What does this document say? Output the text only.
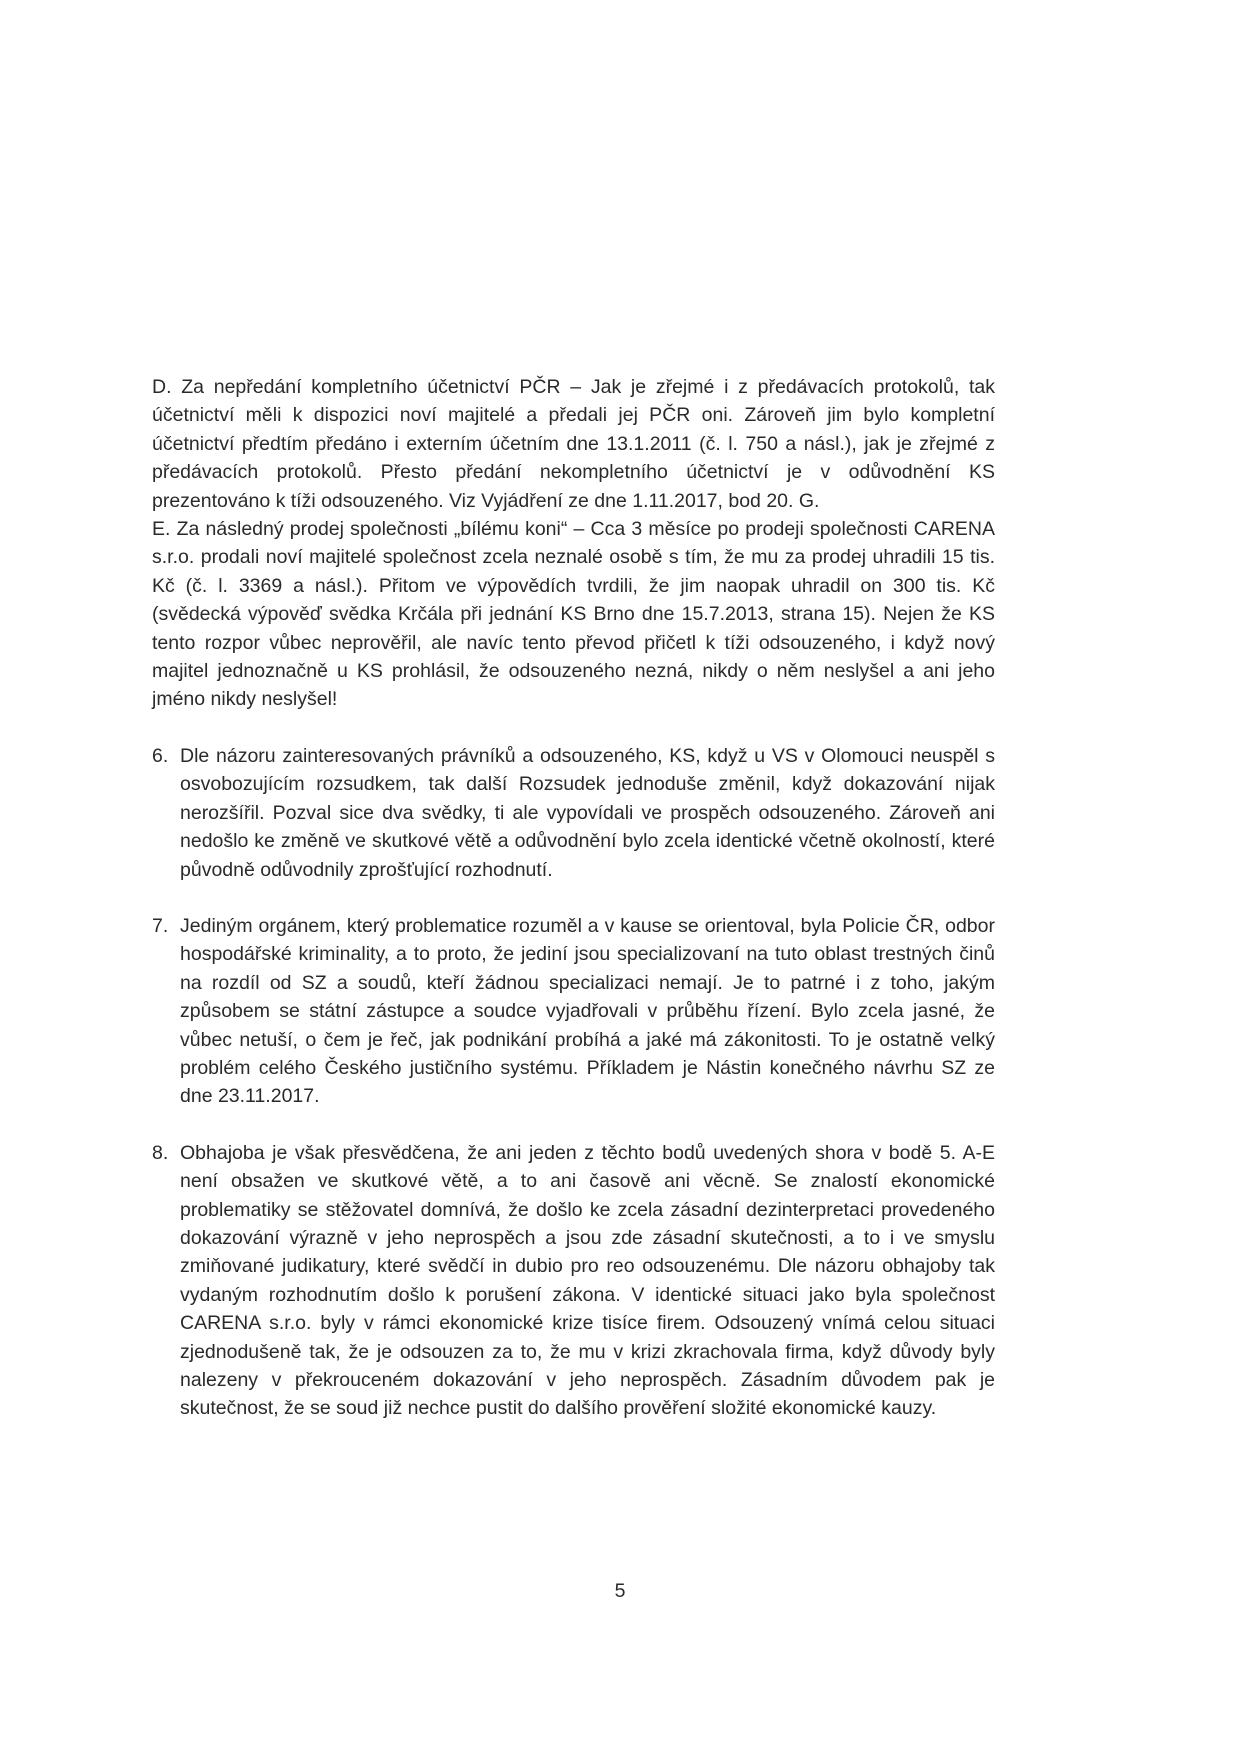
D. Za nepředání kompletního účetnictví PČR – Jak je zřejmé i z předávacích protokolů, tak účetnictví měli k dispozici noví majitelé a předali jej PČR oni. Zároveň jim bylo kompletní účetnictví předtím předáno i externím účetním dne 13.1.2011 (č. l. 750 a násl.), jak je zřejmé z předávacích protokolů. Přesto předání nekompletního účetnictví je v odůvodnění KS prezentováno k tíži odsouzeného. Viz Vyjádření ze dne 1.11.2017, bod 20. G.

E. Za následný prodej společnosti „bílému koni“ – Cca 3 měsíce po prodeji společnosti CARENA s.r.o. prodali noví majitelé společnost zcela neznalé osobě s tím, že mu za prodej uhradili 15 tis. Kč (č. l. 3369 a násl.). Přitom ve výpovědích tvrdili, že jim naopak uhradil on 300 tis. Kč (svědecká výpověď svědka Krčála při jednání KS Brno dne 15.7.2013, strana 15). Nejen že KS tento rozpor vůbec neprověřil, ale navíc tento převod přičetl k tíži odsouzeného, i když nový majitel jednoznačně u KS prohlásil, že odsouzeného nezná, nikdy o něm neslyšel a ani jeho jméno nikdy neslyšel!

6. Dle názoru zainteresovaných právníků a odsouzeného, KS, když u VS v Olomouci neuspěl s osvobozujícím rozsudkem, tak další Rozsudek jednoduše změnil, když dokazování nijak nerozšířil. Pozval sice dva svědky, ti ale vypovídali ve prospěch odsouzeného. Zároveň ani nedošlo ke změně ve skutkové větě a odůvodnění bylo zcela identické včetně okolností, které původně odůvodnily zprošťující rozhodnutí.

7. Jediným orgánem, který problematice rozuměl a v kause se orientoval, byla Policie ČR, odbor hospodářské kriminality, a to proto, že jediní jsou specializovaní na tuto oblast trestných činů na rozdíl od SZ a soudů, kteří žádnou specializaci nemají. Je to patrné i z toho, jakým způsobem se státní zástupce a soudce vyjadřovali v průběhu řízení. Bylo zcela jasné, že vůbec netuší, o čem je řeč, jak podnikání probíhá a jaké má zákonitosti. To je ostatně velký problém celého Českého justičního systému. Příkladem je Nástin konečného návrhu SZ ze dne 23.11.2017.

8. Obhajoba je však přesvědčena, že ani jeden z těchto bodů uvedených shora v bodě 5. A-E není obsažen ve skutkové větě, a to ani časově ani věcně. Se znalostí ekonomické problematiky se stěžovatel domnívá, že došlo ke zcela zásadní dezinterpretaci provedeného dokazování výrazně v jeho neprospěch a jsou zde zásadní skutečnosti, a to i ve smyslu zmiňované judikatury, které svědčí in dubio pro reo odsouzenému. Dle názoru obhajoby tak vydaným rozhodnutím došlo k porušení zákona. V identické situaci jako byla společnost CARENA s.r.o. byly v rámci ekonomické krize tisíce firem. Odsouzený vnímá celou situaci zjednodušeně tak, že je odsouzen za to, že mu v krizi zkrachovala firma, když důvody byly nalezeny v překrouceném dokazování v jeho neprospěch. Zásadním důvodem pak je skutečnost, že se soud již nechce pustit do dalšího prověření složité ekonomické kauzy.

5
